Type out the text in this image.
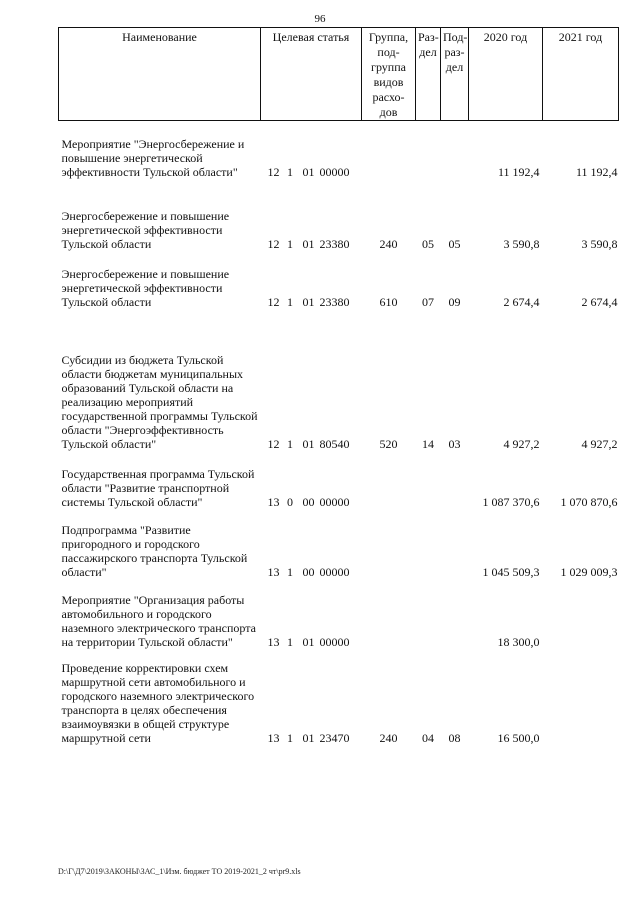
96
Наименование	Целевая статья	Группа, под- группа видов расхо- дов	Раз- дел	Под- раз- дел	2020 год	2021 год
Мероприятие "Энергосбережение и повышение энергетической эффективности Тульской области"	12 1 01 00000				11 192,4	11 192,4
Энергосбережение и повышение энергетической эффективности Тульской области	12 1 01 23380	240	05	05	3 590,8	3 590,8
Энергосбережение и повышение энергетической эффективности Тульской области	12 1 01 23380	610	07	09	2 674,4	2 674,4
Субсидии из бюджета Тульской области бюджетам муниципальных образований Тульской области на реализацию мероприятий государственной программы Тульской области "Энергоэффективность Тульской области"	12 1 01 80540	520	14	03	4 927,2	4 927,2
Государственная программа Тульской области "Развитие транспортной системы Тульской области"	13 0 00 00000				1 087 370,6	1 070 870,6
Подпрограмма "Развитие пригородного и городского пассажирского транспорта Тульской области"	13 1 00 00000				1 045 509,3	1 029 009,3
Мероприятие "Организация работы автомобильного и городского наземного электрического транспорта на территории Тульской области"	13 1 01 00000				18 300,0	
Проведение корректировки схем маршрутной сети автомобильного и городского наземного электрического транспорта в целях обеспечения взаимоувязки в общей структуре маршрутной сети	13 1 01 23470	240	04	08	16 500,0	
D:\Г\Д7\2019\ЗАКОНЫ\ЗАС_1\Изм. бюджет ТО 2019-2021_2 чт\pr9.xls
